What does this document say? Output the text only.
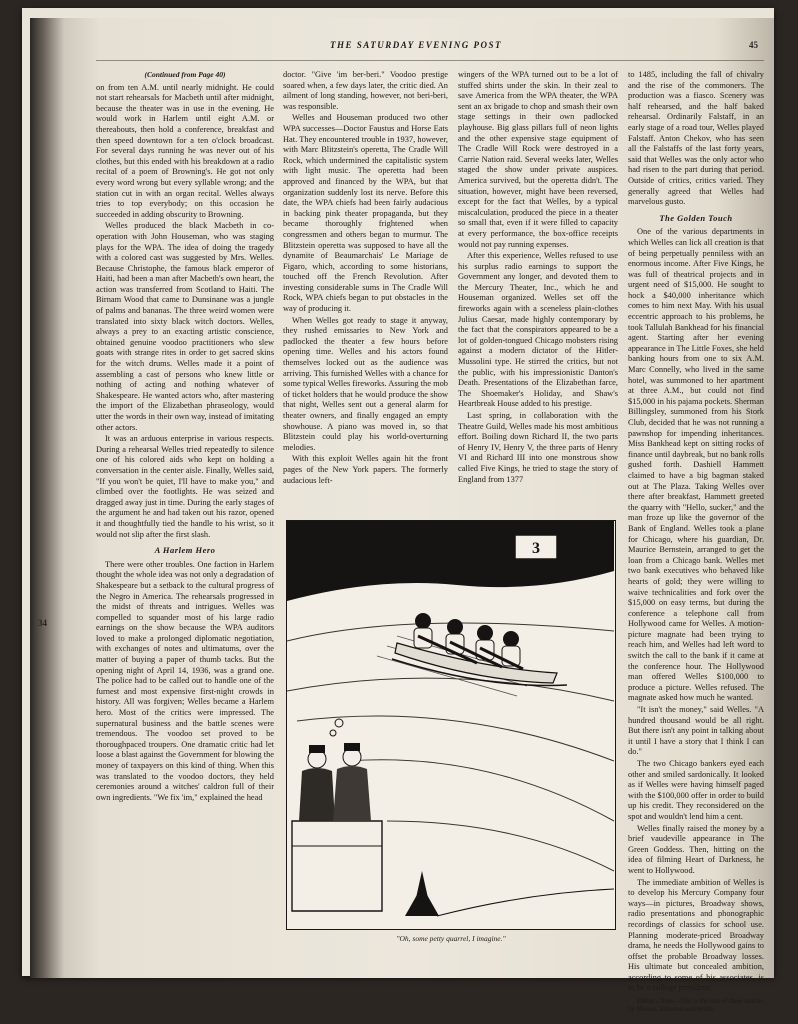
THE SATURDAY EVENING POST	45
34
(Continued from Page 40)

on from ten A.M. until nearly midnight. He could not start rehearsals for Macbeth until after midnight, because the theater was in use in the evening. He would work in Harlem until eight A.M. or thereabouts, then hold a conference, breakfast and then speed downtown for a ten o'clock broadcast. For several days running he was never out of his clothes, but this ended with his breakdown at a radio recital of a poem of Browning's. He got not only every word wrong but every syllable wrong; and the station cut in with an organ recital. Welles always tries to top everybody; on this occasion he succeeded in adding obscurity to Browning.

Welles produced the black Macbeth in co-operation with John Houseman, who was staging plays for the WPA. The idea of doing the tragedy with a colored cast was suggested by Mrs. Welles. Because Christophe, the famous black emperor of Haiti, had been a man after Macbeth's own heart, the action was transferred from Scotland to Haiti. The Birnam Wood that came to Dunsinane was a jungle of palms and bananas. The three weird women were translated into sixty black witch doctors. Welles, always a prey to an exacting artistic conscience, obtained genuine voodoo practitioners who slew goats with strange rites in order to get sacred skins for the witch drums. Welles made it a point of assembling a cast of persons who knew little or nothing of acting and nothing whatever of Shakespeare. He wanted actors who, after mastering the import of the Elizabethan phraseology, would utter the words in their own way, instead of imitating other actors.

It was an arduous enterprise in various respects. During a rehearsal Welles tried repeatedly to silence one of his colored aids who kept on holding a conversation in the center aisle. Finally, Welles said, "If you won't be quiet, I'll have to make you," and climbed over the footlights. He was seized and dragged away just in time. During the early stages of the argument he and had taken out his razor, opened it and thoughtfully tied the handle to his wrist, so it would not slip after the first slash.

A Harlem Hero

There were other troubles. One faction in Harlem thought the whole idea was not only a degradation of Shakespeare but a setback to the cultural progress of the Negro in America. The rehearsals progressed in the midst of threats and intrigues. Welles was compelled to squander most of his large radio earnings on the show because the WPA auditors loved to make a prolonged diplomatic negotiation, with exchanges of notes and ultimatums, over the matter of buying a paper of thumb tacks. But the opening night of April 14, 1936, was a grand one. The police had to be called out to handle one of the furnest and most expensive first-night crowds in history. All was forgiven; Welles became a Harlem hero. Most of the critics were impressed. The supernatural business and the battle scenes were tremendous. The voodoo set proved to be thoroughpaced troupers. One dramatic critic had let loose a blast against the Government for blowing the money of taxpayers on this kind of thing. When this was translated to the voodoo doctors, they held ceremonies around a witches' caldron full of their own ingredients. "We fix 'im," explained the head

doctor. "Give 'im ber-beri." Voodoo prestige soared when, a few days later, the critic died. An ailment of long standing, however, not beri-beri, was responsible.

Welles and Houseman produced two other WPA successes—Doctor Faustus and Horse Eats Hat. They encountered trouble in 1937, however, with Marc Blitzstein's operetta, The Cradle Will Rock, which undermined the capitalistic system with light music. The operetta had been approved and financed by the WPA, but that organization suddenly lost its nerve. Before this date, the WPA chiefs had been fairly audacious in backing pink theater propaganda, but they became thoroughly frightened when congressmen and others began to murmur. The Blitzstein operetta was supposed to have all the dynamite of Beaumarchais' Le Mariage de Figaro, which, according to some historians, touched off the French Revolution. After investing considerable sums in The Cradle Will Rock, WPA chiefs began to put obstacles in the way of producing it.

When Welles got ready to stage it anyway, they rushed emissaries to New York and padlocked the theater a few hours before opening time. Welles and his actors found themselves locked out as the audience was arriving. This furnished Welles with a chance for some typical Welles fireworks. Assuring the mob of ticket holders that he would produce the show that night, Welles sent out a general alarm for theater owners, and finally engaged an empty showhouse. A piano was moved in, so that Blitzstein could play his world-overturning melodies.

With this exploit Welles again hit the front pages of the New York papers. The formerly audacious left-

wingers of the WPA turned out to be a lot of stuffed shirts under the skin. In their zeal to save America from the WPA theater, the WPA sent an ax brigade to chop and smash their own stage settings in their own padlocked playhouse. Big glass pillars full of neon lights and the other expensive stage equipment of The Cradle Will Rock were destroyed in a Carrie Nation raid. Several weeks later, Welles staged the show under private auspices. America survived, but the operetta didn't. The situation, however, might have been reversed, except for the fact that Welles, by a typical miscalculation, produced the piece in a theater so small that, even if it were filled to capacity at every performance, the box-office receipts would not pay running expenses.

After this experience, Welles refused to use his surplus radio earnings to support the Government any longer, and devoted them to the Mercury Theater, Inc., which he and Houseman organized. Welles set off the fireworks again with a sceneless plain-clothes Julius Caesar, made highly contemporary by the fact that the conspirators appeared to be a lot of golden-tongued Chicago mobsters rising against a modern dictator of the Hitler-Mussolini type. He stirred the critics, but not the public, with his impressionistic Danton's Death. Presentations of the Elizabethan farce, The Shoemaker's Holiday, and Shaw's Heartbreak House added to his prestige.

Last spring, in collaboration with the Theatre Guild, Welles made his most ambitious effort. Boiling down Richard II, the two parts of Henry IV, Henry V, the three parts of Henry VI and Richard III into one monstrous show called Five Kings, he tried to stage the story of England from 1377

to 1485, including the fall of chivalry and the rise of the commoners. The production was a fiasco. Scenery was half rehearsed, and the half baked rehearsal. Ordinarily Falstaff, in an early stage of a road tour, Welles played Falstaff. Anton Chekov, who has seen all the Falstaffs of the last forty years, said that Welles was the only actor who had risen to the part during that period. Outside of critics, critics varied. They generally agreed that Welles had marvelous gusto.

The Golden Touch

One of the various departments in which Welles can lick all creation is that of being perpetually penniless with an enormous income. After Five Kings, he was full of theatrical projects and in urgent need of $15,000. He sought to hock a $40,000 inheritance which comes to him next May. With his usual eccentric approach to his problems, he took Tallulah Bankhead for his financial agent. Starting after her evening appearance in The Little Foxes, she held banking hours from one to six A.M. Marc Connelly, who lived in the same hotel, was summoned to her apartment at three A.M., but could not find $15,000 in his pajama pockets. Sherman Billingsley, summoned from his Stork Club, decided that he was not running a pawnshop for impending inheritances. Miss Bankhead kept on sitting rocks of finance until daybreak, but no bank rolls gushed forth. Dashiell Hammett claimed to have a big bagman staked out at The Plaza. Taking Welles over there after breakfast, Hammett greeted the quarry with "Hello, sucker," and the man froze up like the governor of the Bank of England. Welles took a plane for Chicago, where his guardian, Dr. Maurice Bernstein, arranged to get the loan from a Chicago bank. Welles met two bank executives who behaved like hearts of gold; they were willing to waive technicalities and fork over the $15,000 on easy terms, but during the conference a telephone call from Hollywood came for Welles. A motion-picture magnate had been trying to reach him, and Welles had left word to switch the call to the bank if it came at the conference hour. The Hollywood man offered Welles $100,000 to produce a picture. Welles refused. The magnate asked how much he wanted.

"It isn't the money," said Welles. "A hundred thousand would be all right. But there isn't any point in talking about it until I have a story that I think I can do."

The two Chicago bankers eyed each other and smiled sardonically. It looked as if Welles were having himself paged with the $100,000 offer in order to build up his credit. They reconsidered on the spot and wouldn't lend him a cent.

Welles finally raised the money by a brief vaudeville appearance in The Green Goddess. Then, hitting on the idea of filming Heart of Darkness, he went to Hollywood.

The immediate ambition of Welles is to develop his Mercury Company four ways—in pictures, Broadway shows, radio presentations and phonographic recordings of classics for school use. Planning moderate-priced Broadway drama, he needs the Hollywood gains to offset the probable Broadway losses. His ultimate but concealed ambition, according to some of his associates, is to be a college president.

Editor's Note—This is the last of three articles by Messrs. Johnston and Smith.

3
"Oh, some petty quarrel, I imagine."
